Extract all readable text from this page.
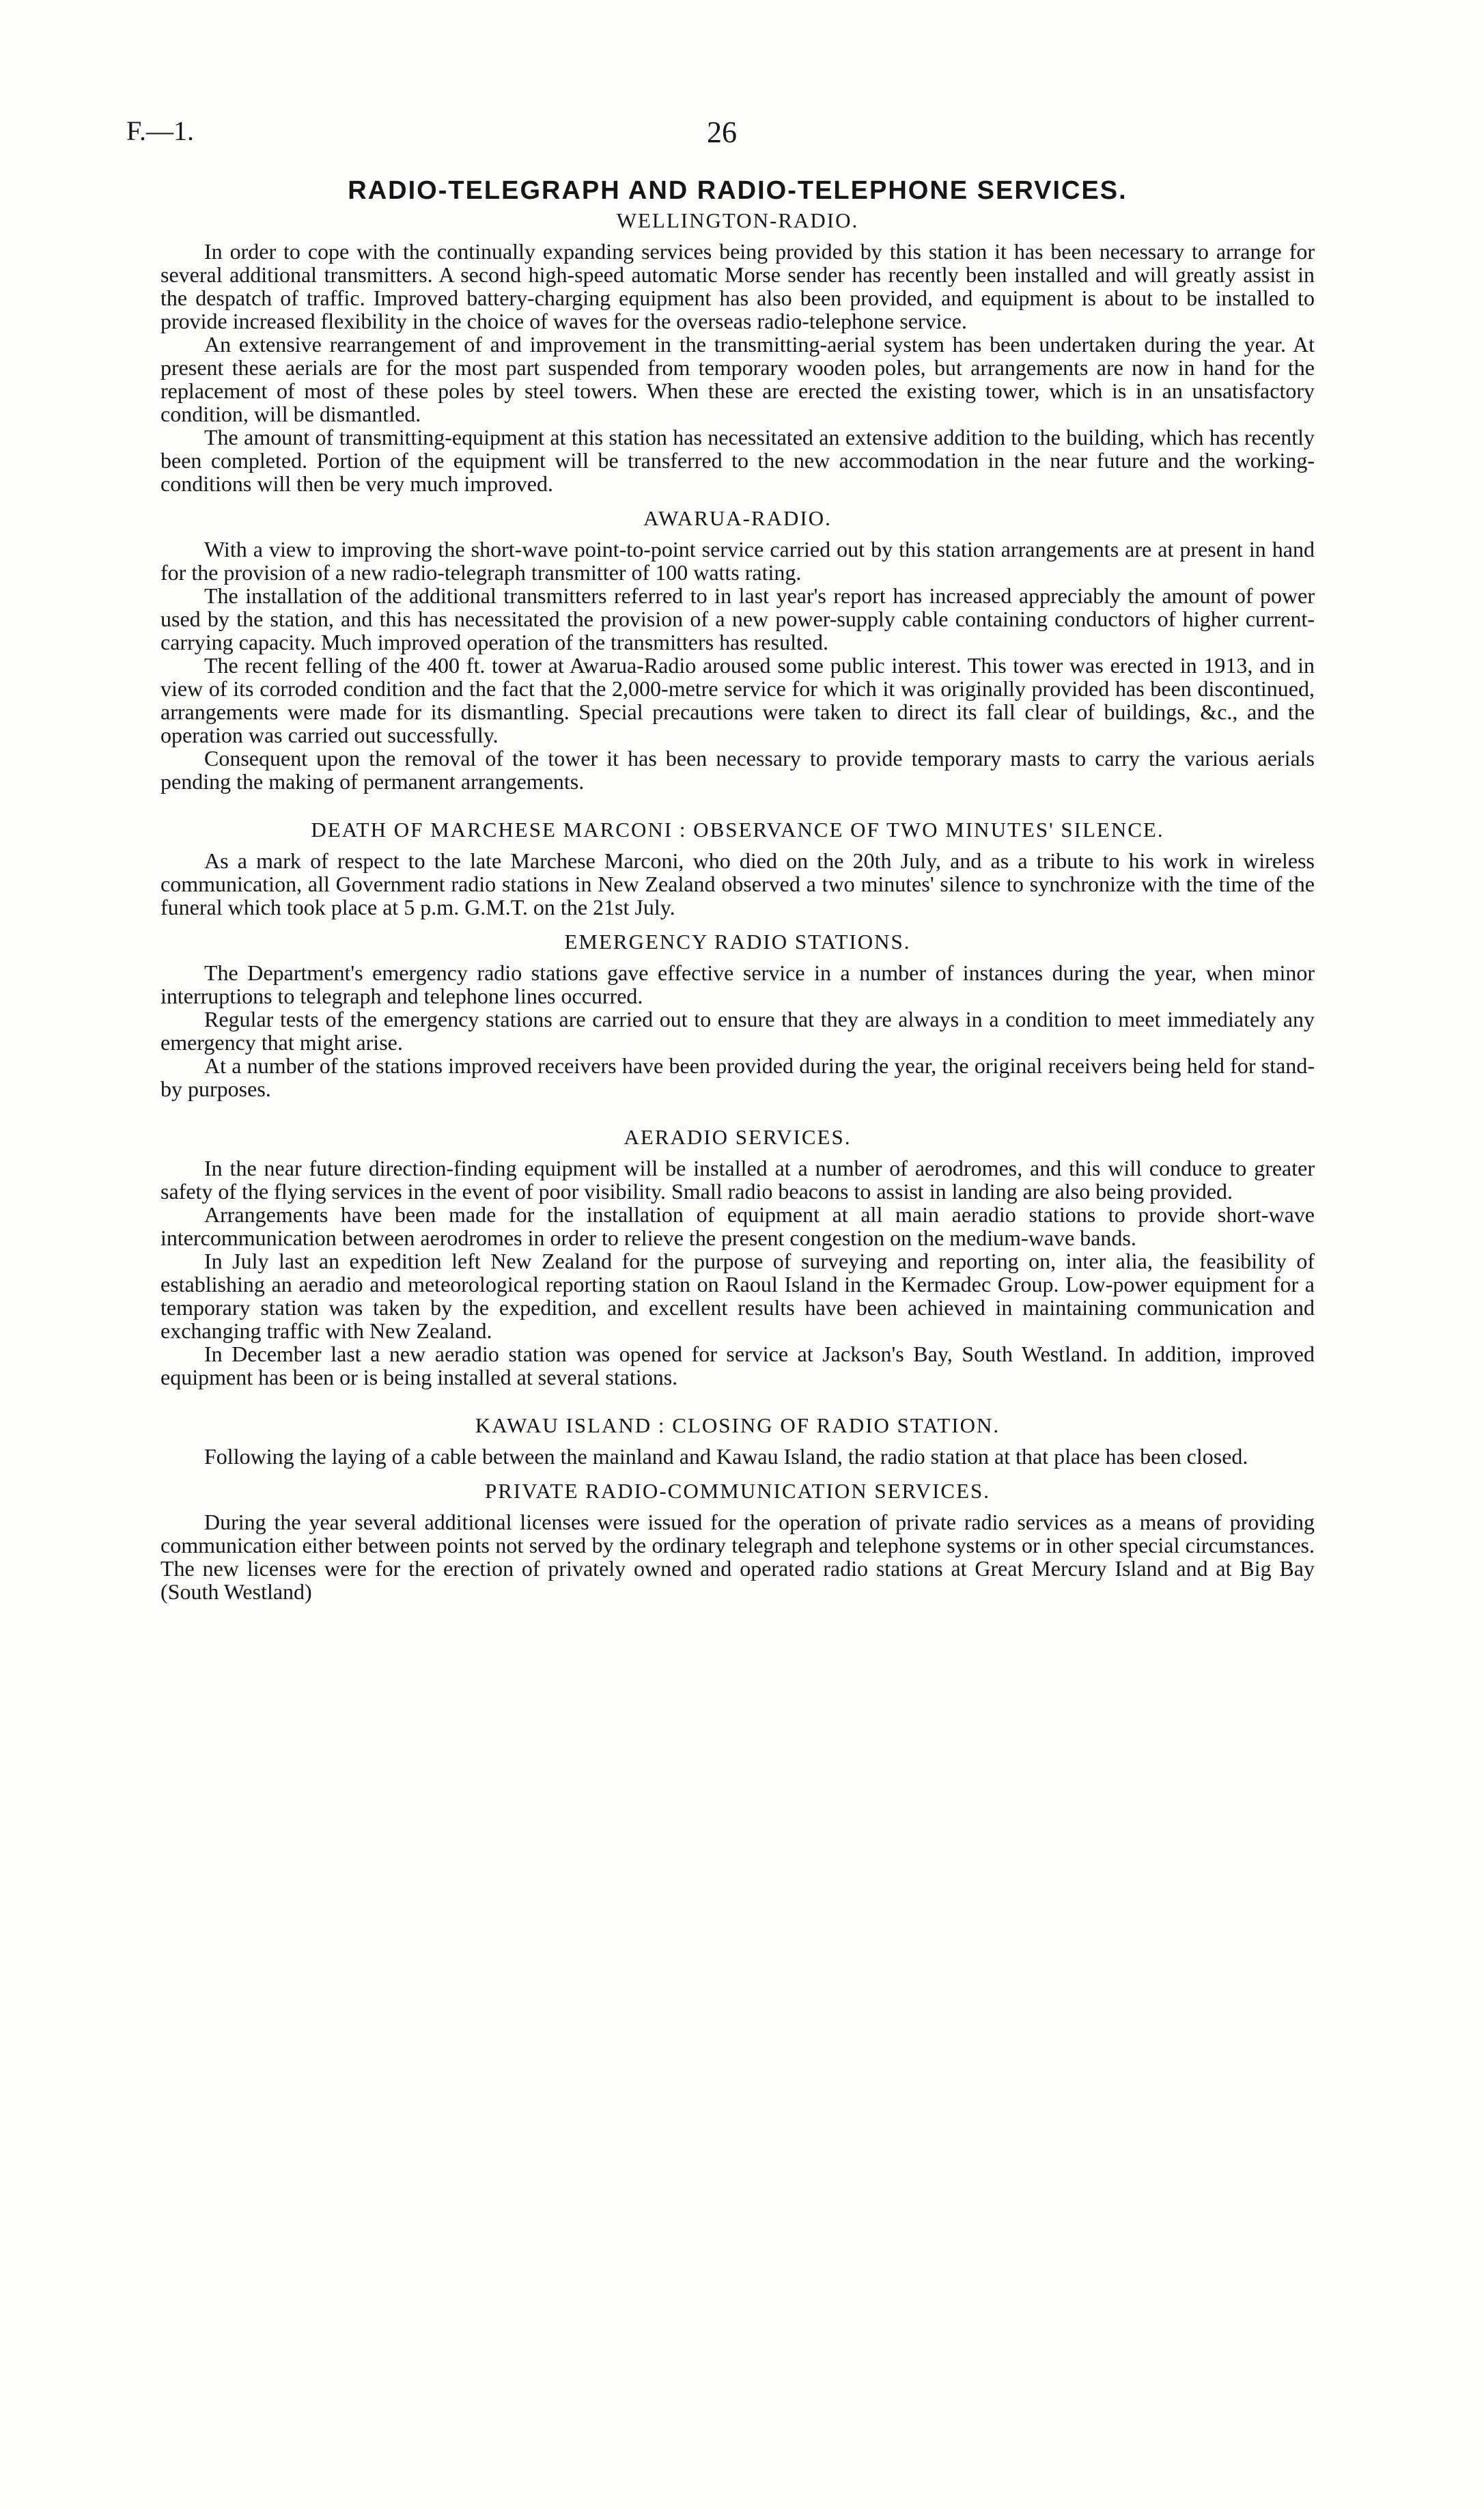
F.—1.	26
RADIO-TELEGRAPH AND RADIO-TELEPHONE SERVICES.
WELLINGTON-RADIO.

In order to cope with the continually expanding services being provided by this station it has been necessary to arrange for several additional transmitters. A second high-speed automatic Morse sender has recently been installed and will greatly assist in the despatch of traffic. Improved battery-charging equipment has also been provided, and equipment is about to be installed to provide increased flexibility in the choice of waves for the overseas radio-telephone service.

An extensive rearrangement of and improvement in the transmitting-aerial system has been undertaken during the year. At present these aerials are for the most part suspended from temporary wooden poles, but arrangements are now in hand for the replacement of most of these poles by steel towers. When these are erected the existing tower, which is in an unsatisfactory condition, will be dismantled.

The amount of transmitting-equipment at this station has necessitated an extensive addition to the building, which has recently been completed. Portion of the equipment will be transferred to the new accommodation in the near future and the working-conditions will then be very much improved.

AWARUA-RADIO.

With a view to improving the short-wave point-to-point service carried out by this station arrangements are at present in hand for the provision of a new radio-telegraph transmitter of 100 watts rating.

The installation of the additional transmitters referred to in last year's report has increased appreciably the amount of power used by the station, and this has necessitated the provision of a new power-supply cable containing conductors of higher current-carrying capacity. Much improved operation of the transmitters has resulted.

The recent felling of the 400 ft. tower at Awarua-Radio aroused some public interest. This tower was erected in 1913, and in view of its corroded condition and the fact that the 2,000-metre service for which it was originally provided has been discontinued, arrangements were made for its dismantling. Special precautions were taken to direct its fall clear of buildings, &c., and the operation was carried out successfully.

Consequent upon the removal of the tower it has been necessary to provide temporary masts to carry the various aerials pending the making of permanent arrangements.

DEATH OF MARCHESE MARCONI : OBSERVANCE OF TWO MINUTES' SILENCE.

As a mark of respect to the late Marchese Marconi, who died on the 20th July, and as a tribute to his work in wireless communication, all Government radio stations in New Zealand observed a two minutes' silence to synchronize with the time of the funeral which took place at 5 p.m. G.M.T. on the 21st July.

EMERGENCY RADIO STATIONS.

The Department's emergency radio stations gave effective service in a number of instances during the year, when minor interruptions to telegraph and telephone lines occurred.

Regular tests of the emergency stations are carried out to ensure that they are always in a condition to meet immediately any emergency that might arise.

At a number of the stations improved receivers have been provided during the year, the original receivers being held for stand-by purposes.

AERADIO SERVICES.

In the near future direction-finding equipment will be installed at a number of aerodromes, and this will conduce to greater safety of the flying services in the event of poor visibility. Small radio beacons to assist in landing are also being provided.

Arrangements have been made for the installation of equipment at all main aeradio stations to provide short-wave intercommunication between aerodromes in order to relieve the present congestion on the medium-wave bands.

In July last an expedition left New Zealand for the purpose of surveying and reporting on, inter alia, the feasibility of establishing an aeradio and meteorological reporting station on Raoul Island in the Kermadec Group. Low-power equipment for a temporary station was taken by the expedition, and excellent results have been achieved in maintaining communication and exchanging traffic with New Zealand.

In December last a new aeradio station was opened for service at Jackson's Bay, South Westland. In addition, improved equipment has been or is being installed at several stations.

KAWAU ISLAND : CLOSING OF RADIO STATION.

Following the laying of a cable between the mainland and Kawau Island, the radio station at that place has been closed.

PRIVATE RADIO-COMMUNICATION SERVICES.

During the year several additional licenses were issued for the operation of private radio services as a means of providing communication either between points not served by the ordinary telegraph and telephone systems or in other special circumstances. The new licenses were for the erection of privately owned and operated radio stations at Great Mercury Island and at Big Bay (South Westland)
